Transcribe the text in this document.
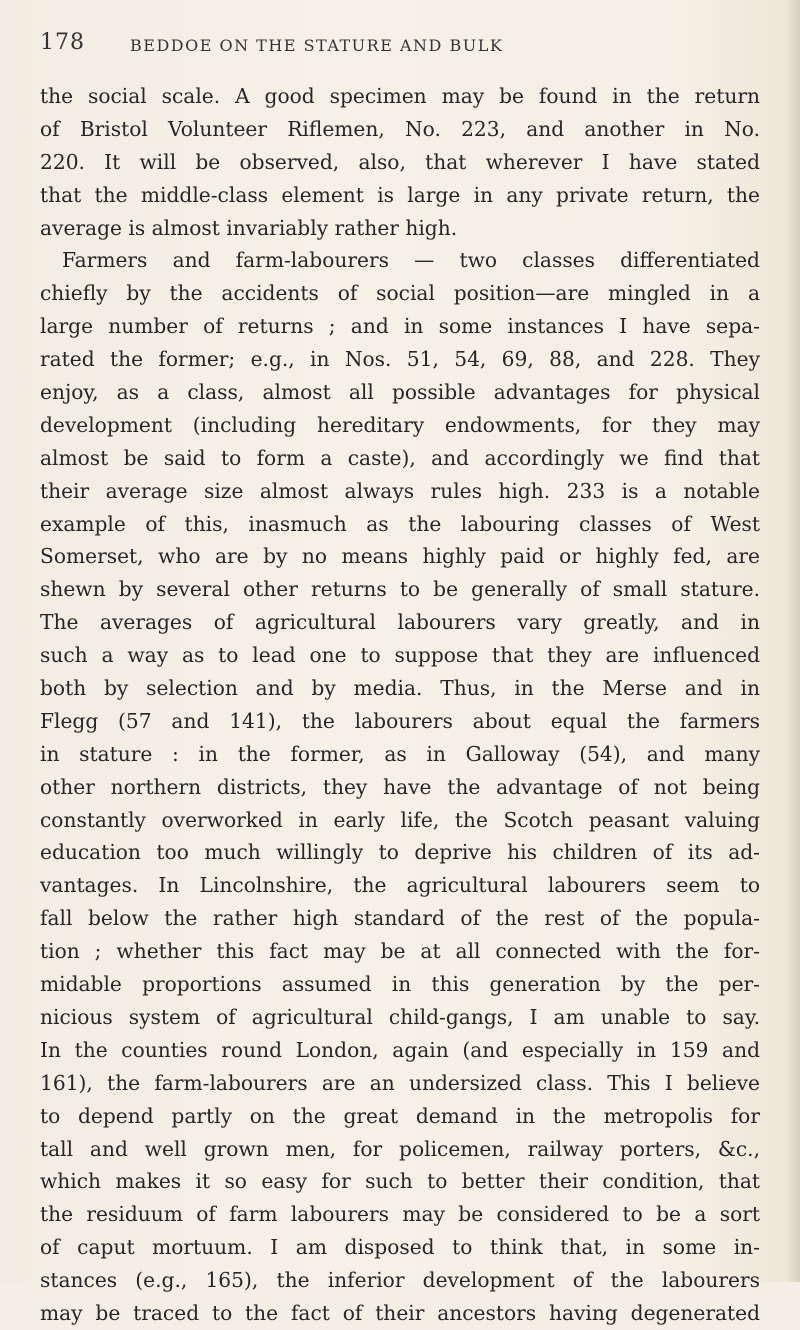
178	BEDDOE ON THE STATURE AND BULK
the social scale. A good specimen may be found in the return
of Bristol Volunteer Riflemen, No. 223, and another in No.
220. It will be observed, also, that wherever I have stated
that the middle-class element is large in any private return, the
average is almost invariably rather high.
Farmers and farm-labourers — two classes differentiated
chiefly by the accidents of social position—are mingled in a
large number of returns ; and in some instances I have sepa-
rated the former; e.g., in Nos. 51, 54, 69, 88, and 228. They
enjoy, as a class, almost all possible advantages for physical
development (including hereditary endowments, for they may
almost be said to form a caste), and accordingly we find that
their average size almost always rules high. 233 is a notable
example of this, inasmuch as the labouring classes of West
Somerset, who are by no means highly paid or highly fed, are
shewn by several other returns to be generally of small stature.
The averages of agricultural labourers vary greatly, and in
such a way as to lead one to suppose that they are influenced
both by selection and by media. Thus, in the Merse and in
Flegg (57 and 141), the labourers about equal the farmers
in stature : in the former, as in Galloway (54), and many
other northern districts, they have the advantage of not being
constantly overworked in early life, the Scotch peasant valuing
education too much willingly to deprive his children of its ad-
vantages. In Lincolnshire, the agricultural labourers seem to
fall below the rather high standard of the rest of the popula-
tion ; whether this fact may be at all connected with the for-
midable proportions assumed in this generation by the per-
nicious system of agricultural child-gangs, I am unable to say.
In the counties round London, again (and especially in 159 and
161), the farm-labourers are an undersized class. This I believe
to depend partly on the great demand in the metropolis for
tall and well grown men, for policemen, railway porters, &c.,
which makes it so easy for such to better their condition, that
the residuum of farm labourers may be considered to be a sort
of caput mortuum. I am disposed to think that, in some in-
stances (e.g., 165), the inferior development of the labourers
may be traced to the fact of their ancestors having degenerated
